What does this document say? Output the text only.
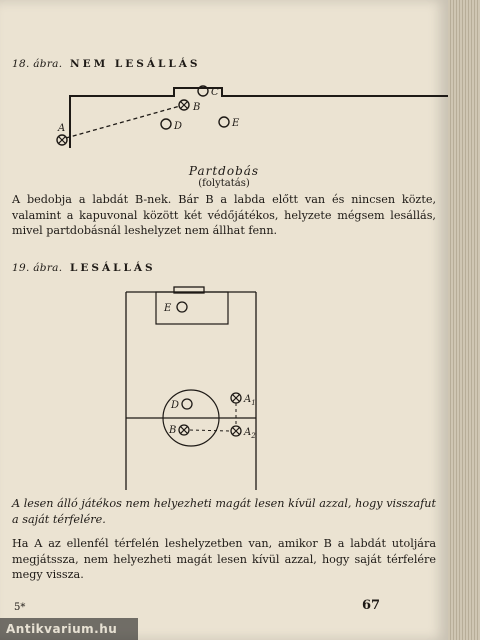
18. ábra. NEM LESÁLLÁS
A
B
C
D	E
Partdobás
(folytatás)
A bedobja a labdát B-nek. Bár B a labda előtt van és nincsen közte, valamint a kapuvonal között két védőjátékos, helyzete mégsem lesállás, mivel partdobásnál leshelyzet nem állhat fenn.
19. ábra. LESÁLLÁS
E
D
B
$A_1$
$A_2$
A lesen álló játékos nem helyezheti magát lesen kívül azzal, hogy visszafut a saját térfelére.
Ha A az ellenfél térfelén leshelyzetben van, amikor B a labdát utoljára megjátssza, nem helyezheti magát lesen kívül azzal, hogy saját térfelére megy vissza.
5*	67
Antikvarium.hu
